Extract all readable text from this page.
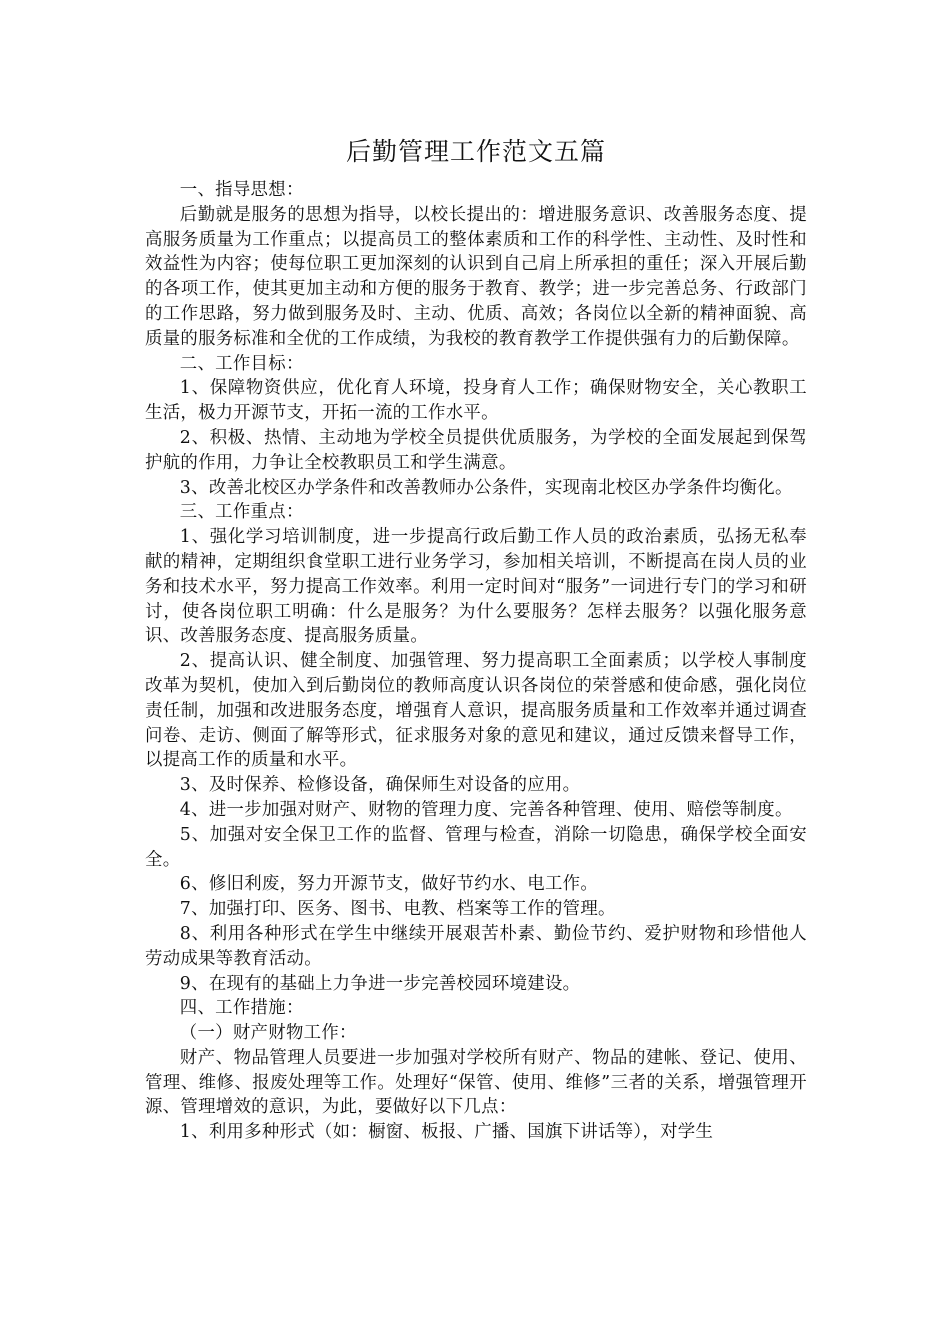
后勤管理工作范文五篇

一、指导思想：

后勤就是服务的思想为指导，以校长提出的：增进服务意识、改善服务态度、提高服务质量为工作重点；以提高员工的整体素质和工作的科学性、主动性、及时性和效益性为内容；使每位职工更加深刻的认识到自己肩上所承担的重任；深入开展后勤的各项工作，使其更加主动和方便的服务于教育、教学；进一步完善总务、行政部门的工作思路，努力做到服务及时、主动、优质、高效；各岗位以全新的精神面貌、高质量的服务标准和全优的工作成绩，为我校的教育教学工作提供强有力的后勤保障。

二、工作目标：

1、保障物资供应，优化育人环境，投身育人工作；确保财物安全，关心教职工生活，极力开源节支，开拓一流的工作水平。

2、积极、热情、主动地为学校全员提供优质服务，为学校的全面发展起到保驾护航的作用，力争让全校教职员工和学生满意。

3、改善北校区办学条件和改善教师办公条件，实现南北校区办学条件均衡化。

三、工作重点：

1、强化学习培训制度，进一步提高行政后勤工作人员的政治素质，弘扬无私奉献的精神，定期组织食堂职工进行业务学习，参加相关培训，不断提高在岗人员的业务和技术水平，努力提高工作效率。利用一定时间对“服务”一词进行专门的学习和研讨，使各岗位职工明确：什么是服务？为什么要服务？怎样去服务？以强化服务意识、改善服务态度、提高服务质量。

2、提高认识、健全制度、加强管理、努力提高职工全面素质；以学校人事制度改革为契机，使加入到后勤岗位的教师高度认识各岗位的荣誉感和使命感，强化岗位责任制，加强和改进服务态度，增强育人意识，提高服务质量和工作效率并通过调查问卷、走访、侧面了解等形式，征求服务对象的意见和建议，通过反馈来督导工作，以提高工作的质量和水平。

3、及时保养、检修设备，确保师生对设备的应用。

4、进一步加强对财产、财物的管理力度、完善各种管理、使用、赔偿等制度。

5、加强对安全保卫工作的监督、管理与检查，消除一切隐患，确保学校全面安全。

6、修旧利废，努力开源节支，做好节约水、电工作。

7、加强打印、医务、图书、电教、档案等工作的管理。

8、利用各种形式在学生中继续开展艰苦朴素、勤俭节约、爱护财物和珍惜他人劳动成果等教育活动。

9、在现有的基础上力争进一步完善校园环境建设。

四、工作措施：

（一）财产财物工作：

财产、物品管理人员要进一步加强对学校所有财产、物品的建帐、登记、使用、管理、维修、报废处理等工作。处理好“保管、使用、维修”三者的关系，增强管理开源、管理增效的意识，为此，要做好以下几点：

1、利用多种形式（如：橱窗、板报、广播、国旗下讲话等），对学生
